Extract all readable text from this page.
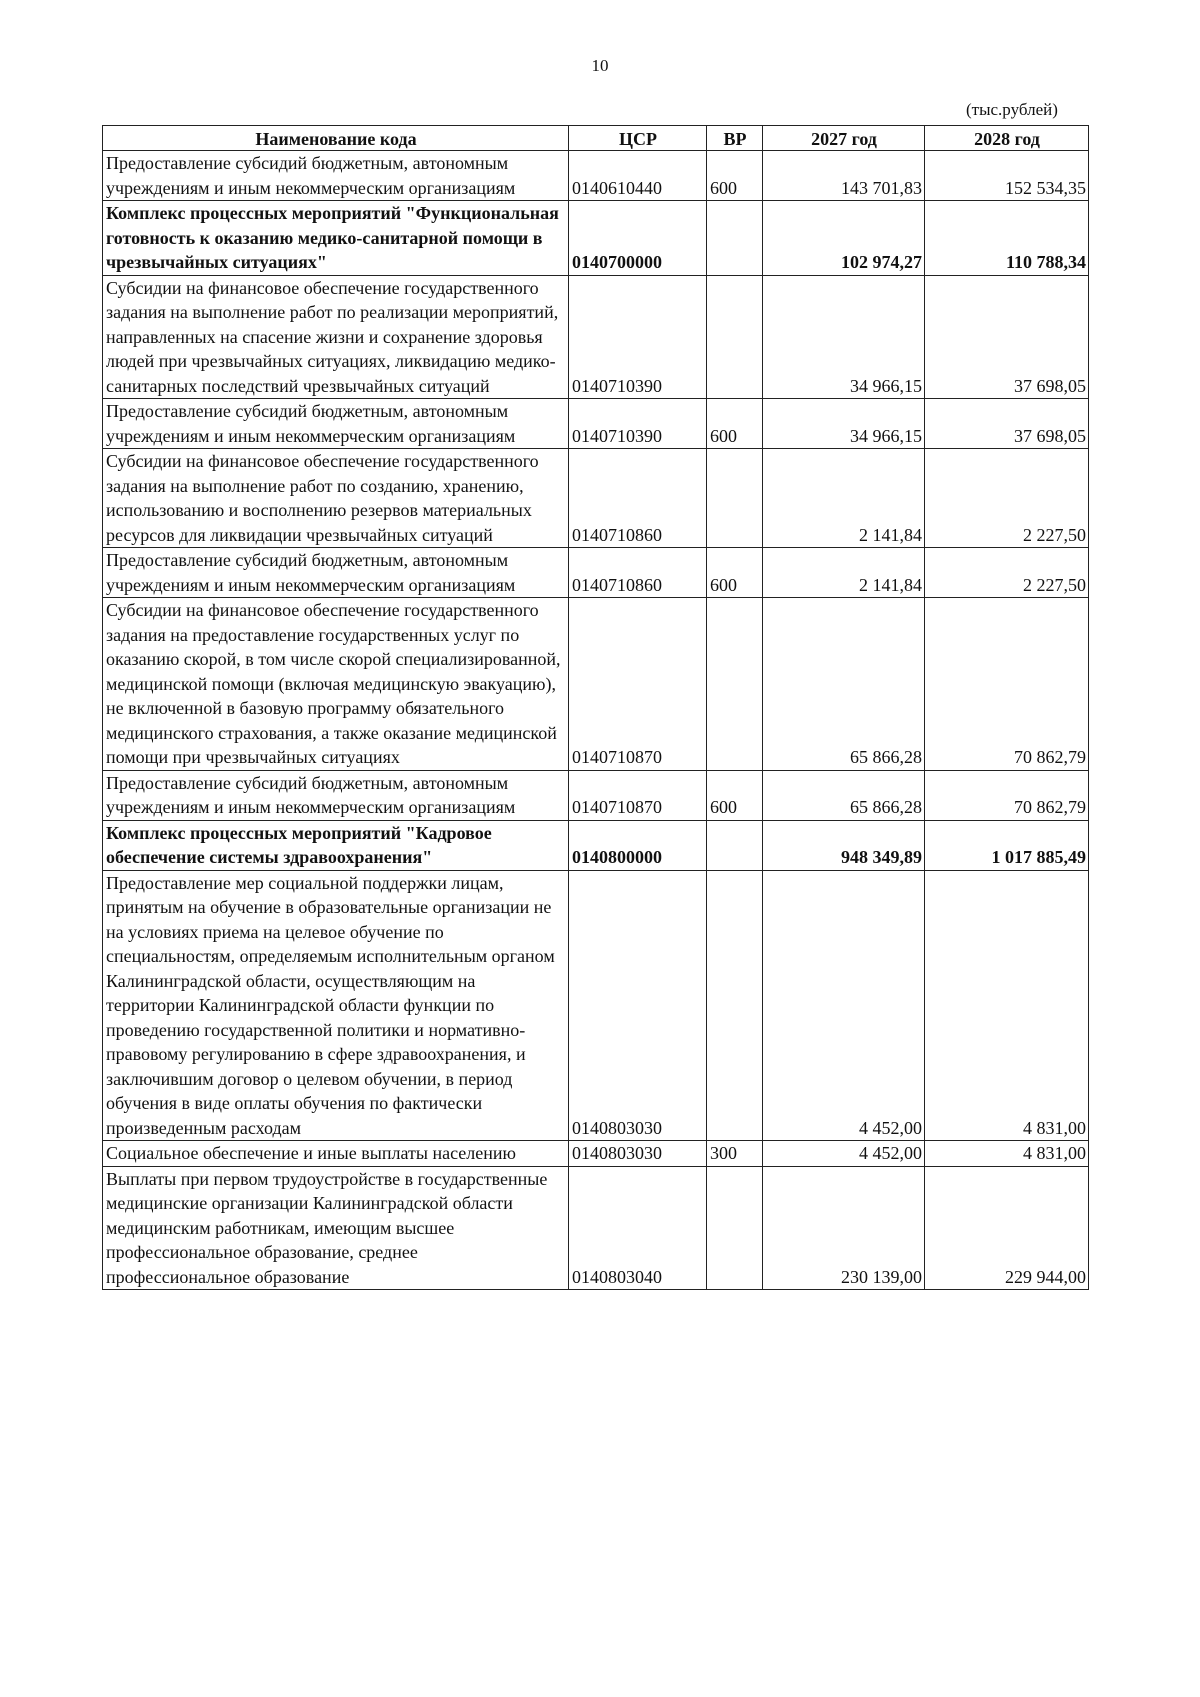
10
(тыс.рублей)
Наименование кода	ЦСР	ВР	2027 год	2028 год
Предоставление субсидий бюджетным, автономным учреждениям и иным некоммерческим организациям	0140610440	600	143 701,83	152 534,35
Комплекс процессных мероприятий "Функциональная готовность к оказанию медико-санитарной помощи в чрезвычайных ситуациях"	0140700000		102 974,27	110 788,34
Субсидии на финансовое обеспечение государственного задания на выполнение работ по реализации мероприятий, направленных на спасение жизни и сохранение здоровья людей при чрезвычайных ситуациях, ликвидацию медико-санитарных последствий чрезвычайных ситуаций	0140710390		34 966,15	37 698,05
Предоставление субсидий бюджетным, автономным учреждениям и иным некоммерческим организациям	0140710390	600	34 966,15	37 698,05
Субсидии на финансовое обеспечение государственного задания на выполнение работ по созданию, хранению, использованию и восполнению резервов материальных ресурсов для ликвидации чрезвычайных ситуаций	0140710860		2 141,84	2 227,50
Предоставление субсидий бюджетным, автономным учреждениям и иным некоммерческим организациям	0140710860	600	2 141,84	2 227,50
Субсидии на финансовое обеспечение государственного задания на предоставление государственных услуг по оказанию скорой, в том числе скорой специализированной, медицинской помощи (включая медицинскую эвакуацию), не включенной в базовую программу обязательного медицинского страхования, а также оказание медицинской помощи при чрезвычайных ситуациях	0140710870		65 866,28	70 862,79
Предоставление субсидий бюджетным, автономным учреждениям и иным некоммерческим организациям	0140710870	600	65 866,28	70 862,79
Комплекс процессных мероприятий "Кадровое обеспечение системы здравоохранения"	0140800000		948 349,89	1 017 885,49
Предоставление мер социальной поддержки лицам, принятым на обучение в образовательные организации не на условиях приема на целевое обучение по специальностям, определяемым исполнительным органом Калининградской области, осуществляющим на территории Калининградской области функции по проведению государственной политики и нормативно-правовому регулированию в сфере здравоохранения, и заключившим договор о целевом обучении, в период обучения в виде оплаты обучения по фактически произведенным расходам	0140803030		4 452,00	4 831,00
Социальное обеспечение и иные выплаты населению	0140803030	300	4 452,00	4 831,00
Выплаты при первом трудоустройстве в государственные медицинские организации Калининградской области медицинским работникам, имеющим высшее профессиональное образование, среднее профессиональное образование	0140803040		230 139,00	229 944,00
